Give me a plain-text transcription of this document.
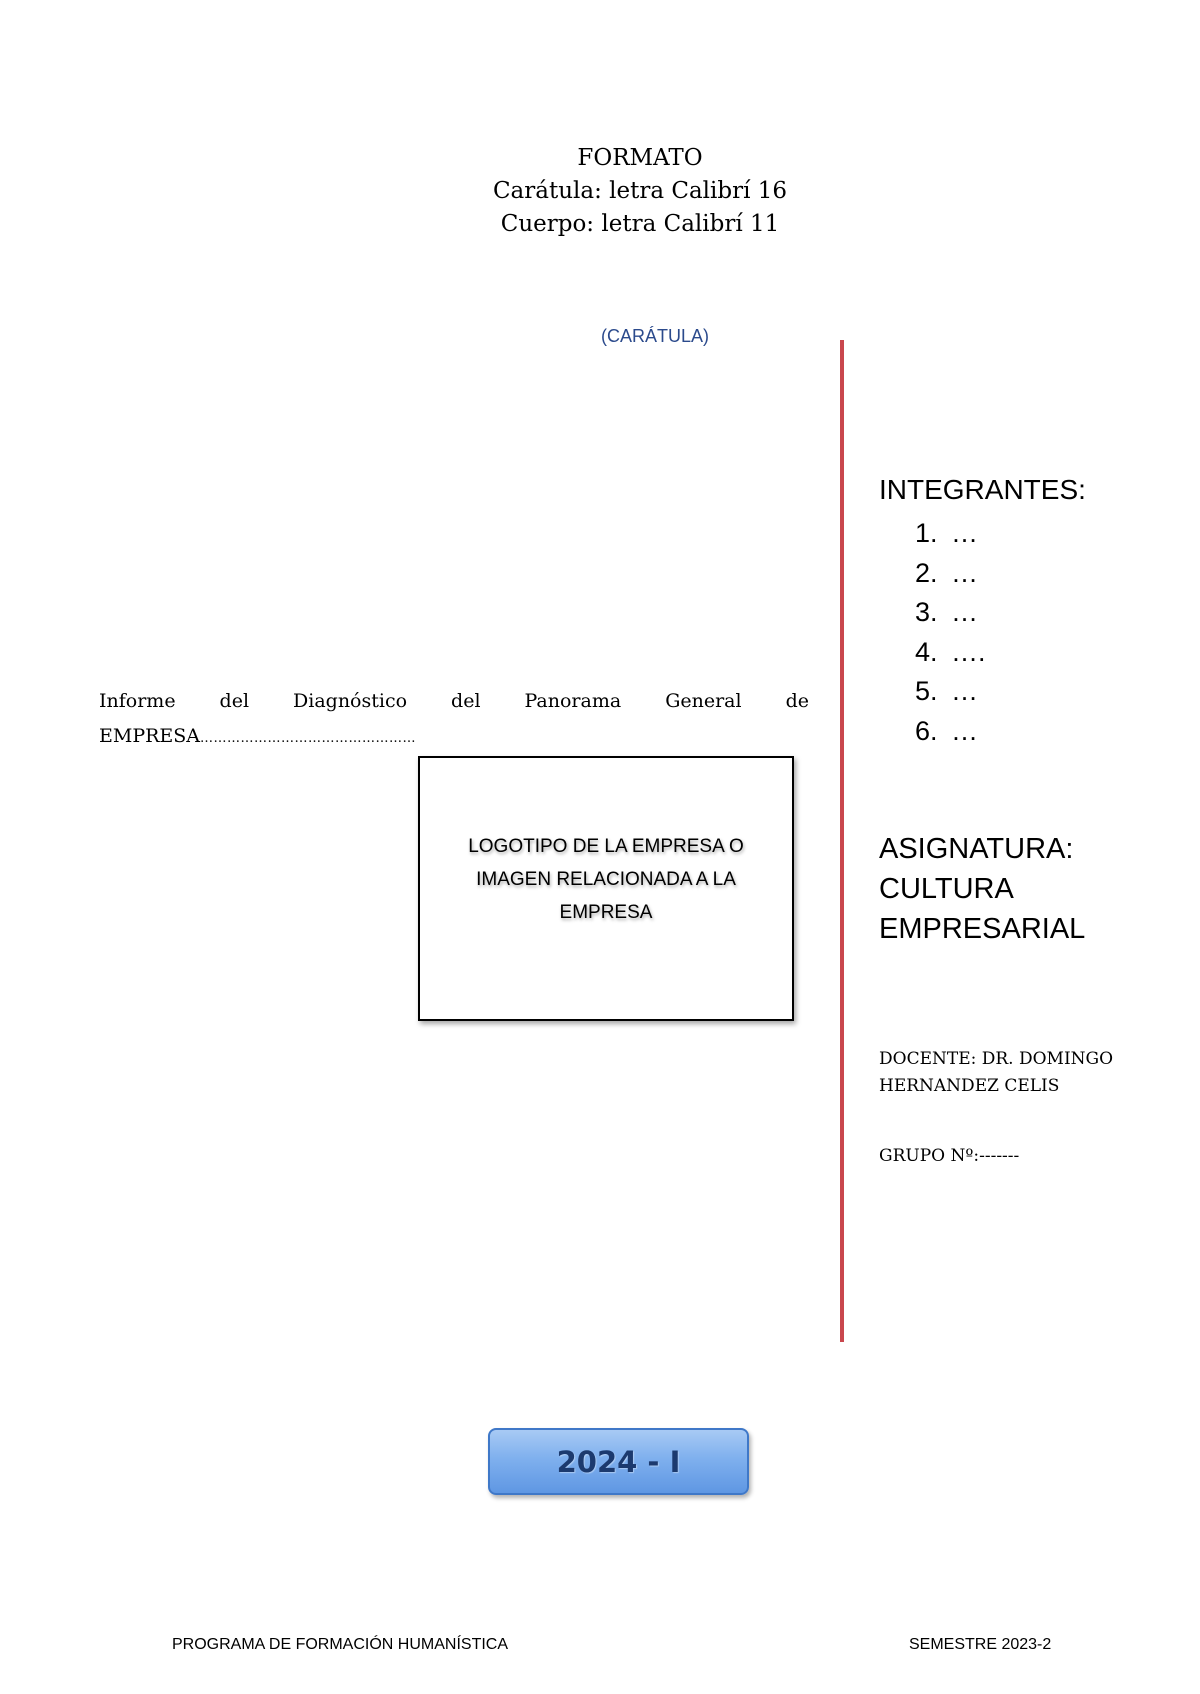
FORMATO
Carátula: letra Calibrí 16
Cuerpo: letra Calibrí 11
(CARÁTULA)
Informe del Diagnóstico del Panorama General de
EMPRESA…………………………………………
LOGOTIPO DE LA EMPRESA O IMAGEN RELACIONADA A LA EMPRESA
INTEGRANTES:
1. …
2. …
3. …
4. ….
5. …
6. …
ASIGNATURA:
CULTURA
EMPRESARIAL
DOCENTE: DR. DOMINGO HERNANDEZ CELIS
GRUPO Nº:-------
2024 - I
PROGRAMA DE FORMACIÓN HUMANÍSTICA	SEMESTRE 2023-2
